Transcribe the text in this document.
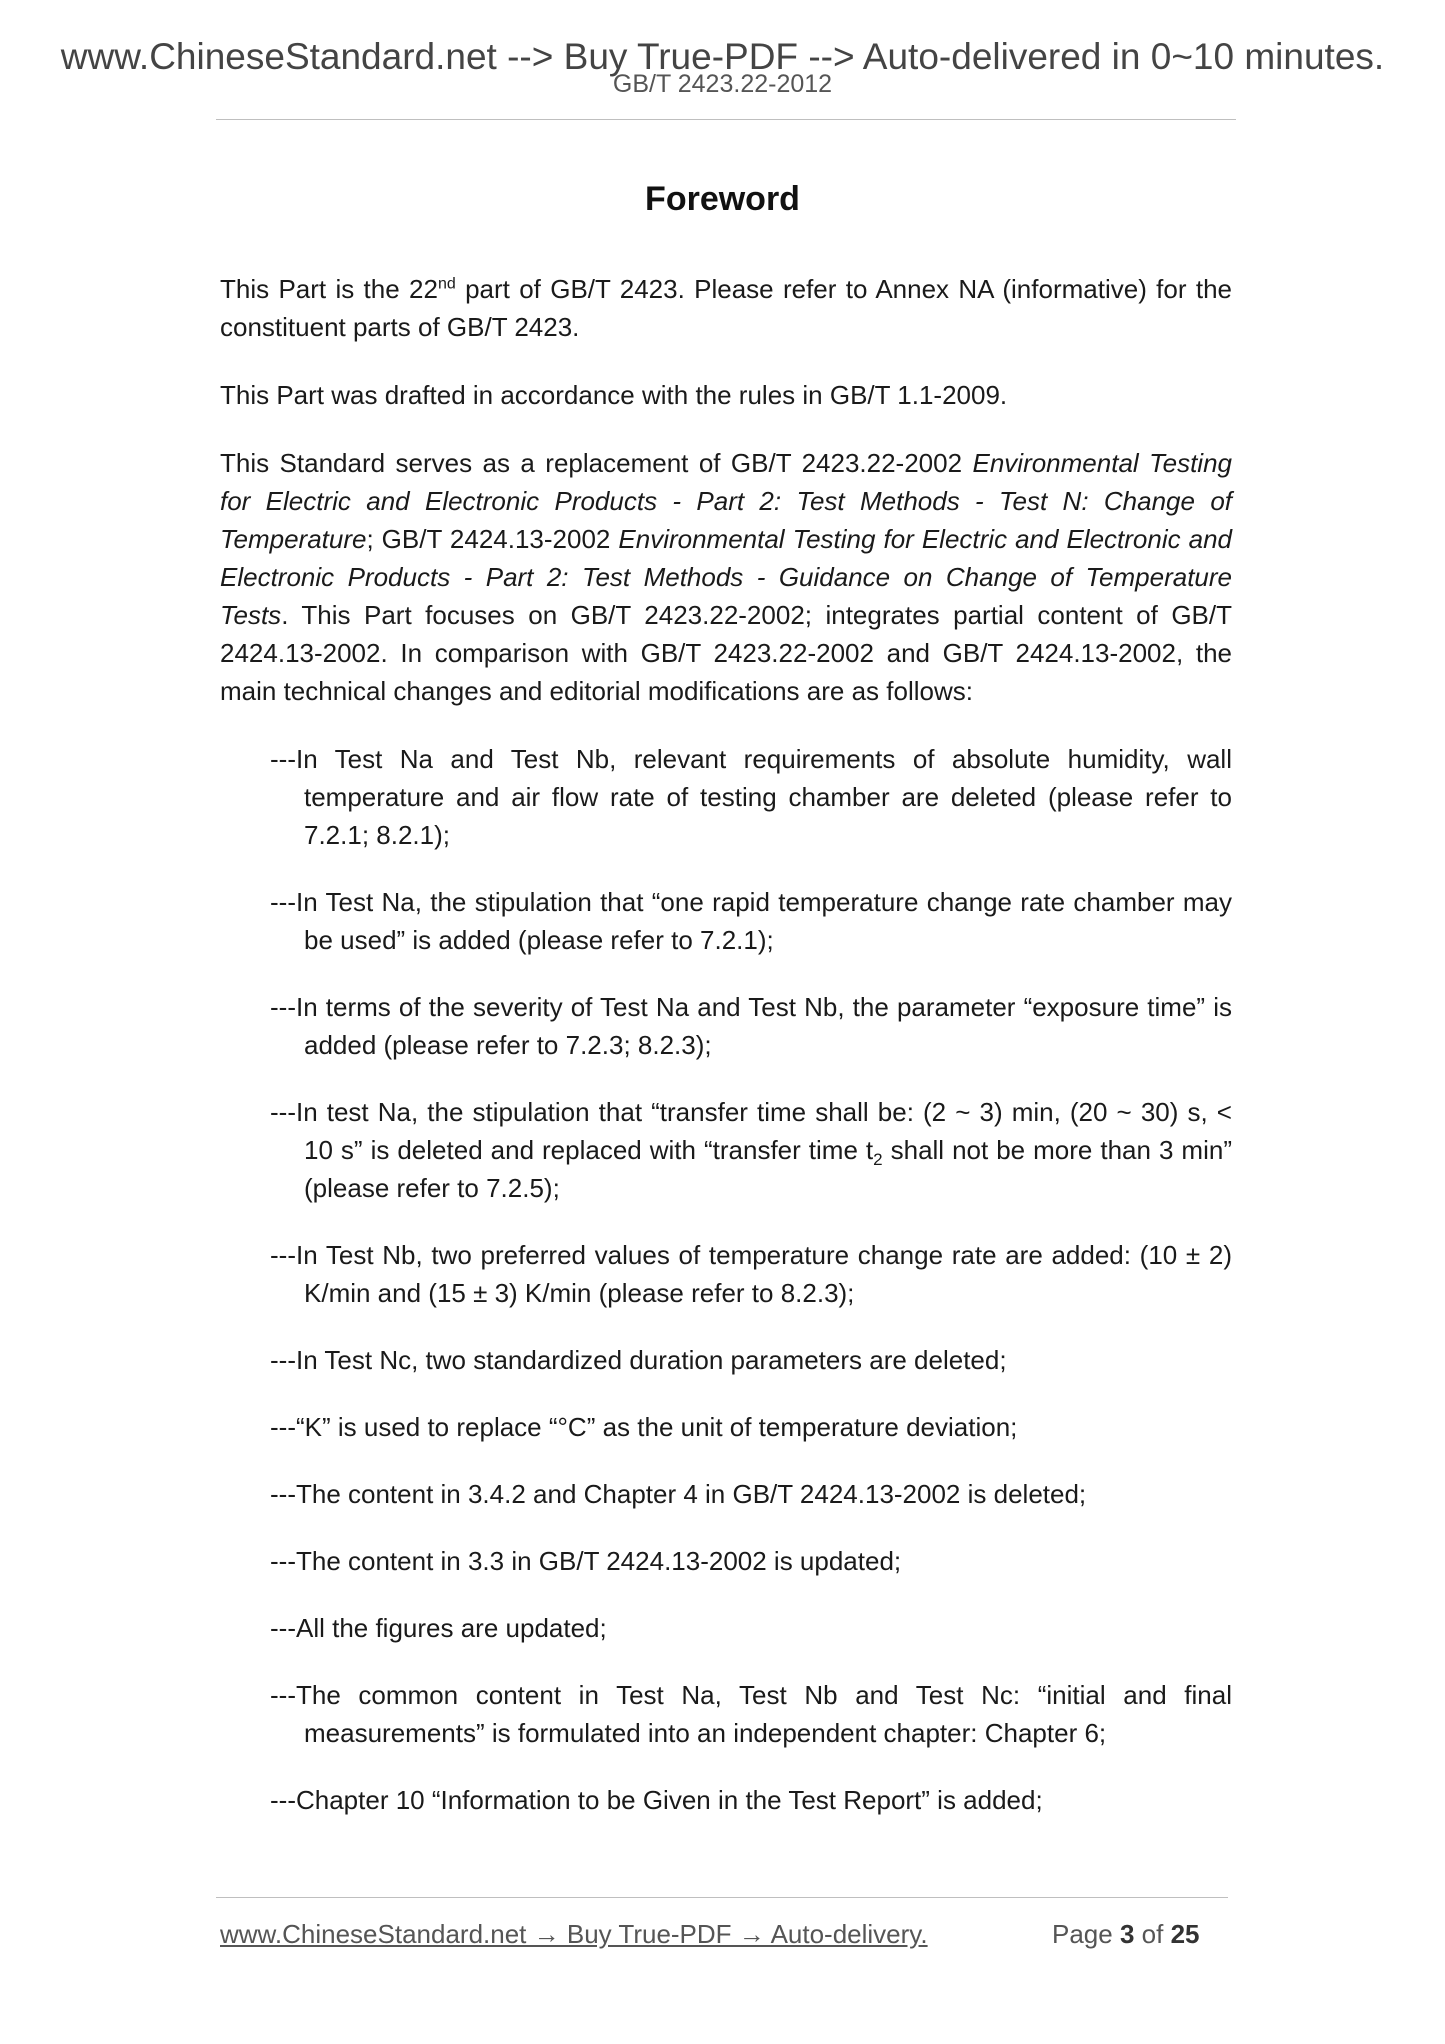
www.ChineseStandard.net --> Buy True-PDF --> Auto-delivered in 0~10 minutes.
GB/T 2423.22-2012
Foreword

This Part is the 22nd part of GB/T 2423. Please refer to Annex NA (informative) for the constituent parts of GB/T 2423.

This Part was drafted in accordance with the rules in GB/T 1.1-2009.

This Standard serves as a replacement of GB/T 2423.22-2002 Environmental Testing for Electric and Electronic Products - Part 2: Test Methods - Test N: Change of Temperature; GB/T 2424.13-2002 Environmental Testing for Electric and Electronic and Electronic Products - Part 2: Test Methods - Guidance on Change of Temperature Tests. This Part focuses on GB/T 2423.22-2002; integrates partial content of GB/T 2424.13-2002. In comparison with GB/T 2423.22-2002 and GB/T 2424.13-2002, the main technical changes and editorial modifications are as follows:

---In Test Na and Test Nb, relevant requirements of absolute humidity, wall temperature and air flow rate of testing chamber are deleted (please refer to 7.2.1; 8.2.1);
---In Test Na, the stipulation that “one rapid temperature change rate chamber may be used” is added (please refer to 7.2.1);
---In terms of the severity of Test Na and Test Nb, the parameter “exposure time” is added (please refer to 7.2.3; 8.2.3);
---In test Na, the stipulation that “transfer time shall be: (2 ~ 3) min, (20 ~ 30) s, < 10 s” is deleted and replaced with “transfer time $t_2$ shall not be more than 3 min” (please refer to 7.2.5);
---In Test Nb, two preferred values of temperature change rate are added: (10 ± 2) K/min and (15 ± 3) K/min (please refer to 8.2.3);
---In Test Nc, two standardized duration parameters are deleted;
---“K” is used to replace “°C” as the unit of temperature deviation;
---The content in 3.4.2 and Chapter 4 in GB/T 2424.13-2002 is deleted;
---The content in 3.3 in GB/T 2424.13-2002 is updated;
---All the figures are updated;
---The common content in Test Na, Test Nb and Test Nc: “initial and final measurements” is formulated into an independent chapter: Chapter 6;
---Chapter 10 “Information to be Given in the Test Report” is added;
www.ChineseStandard.net → Buy True-PDF → Auto-delivery.	Page 3 of 25
